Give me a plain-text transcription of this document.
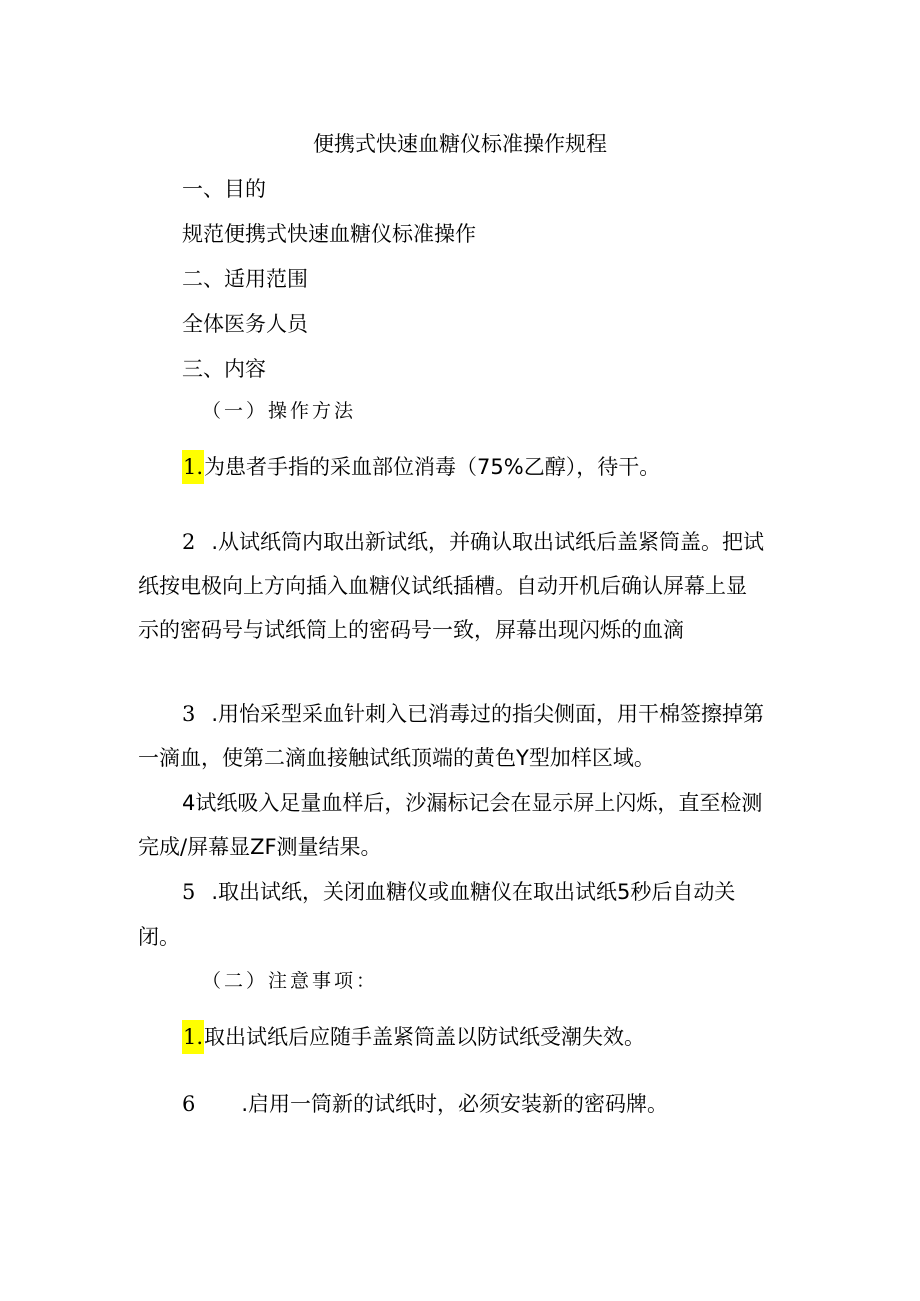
便携式快速血糖仪标准操作规程
一、目的
规范便携式快速血糖仪标准操作
二、适用范围
全体医务人员
三、内容
（一）操作方法
1.为患者手指的采血部位消毒（75%乙醇），待干。
2 .从试纸筒内取出新试纸，并确认取出试纸后盖紧筒盖。把试
纸按电极向上方向插入血糖仪试纸插槽。自动开机后确认屏幕上显
示的密码号与试纸筒上的密码号一致，屏幕出现闪烁的血滴
3 .用怡采型采血针刺入已消毒过的指尖侧面，用干棉签擦掉第
一滴血，使第二滴血接触试纸顶端的黄色Y型加样区域。
4试纸吸入足量血样后，沙漏标记会在显示屏上闪烁，直至检测
完成/屏幕显ZF测量结果。
5 .取出试纸，关闭血糖仪或血糖仪在取出试纸5秒后自动关
闭。
（二）注意事项：
1.取出试纸后应随手盖紧筒盖以防试纸受潮失效。
6 .启用一筒新的试纸时，必须安装新的密码牌。
